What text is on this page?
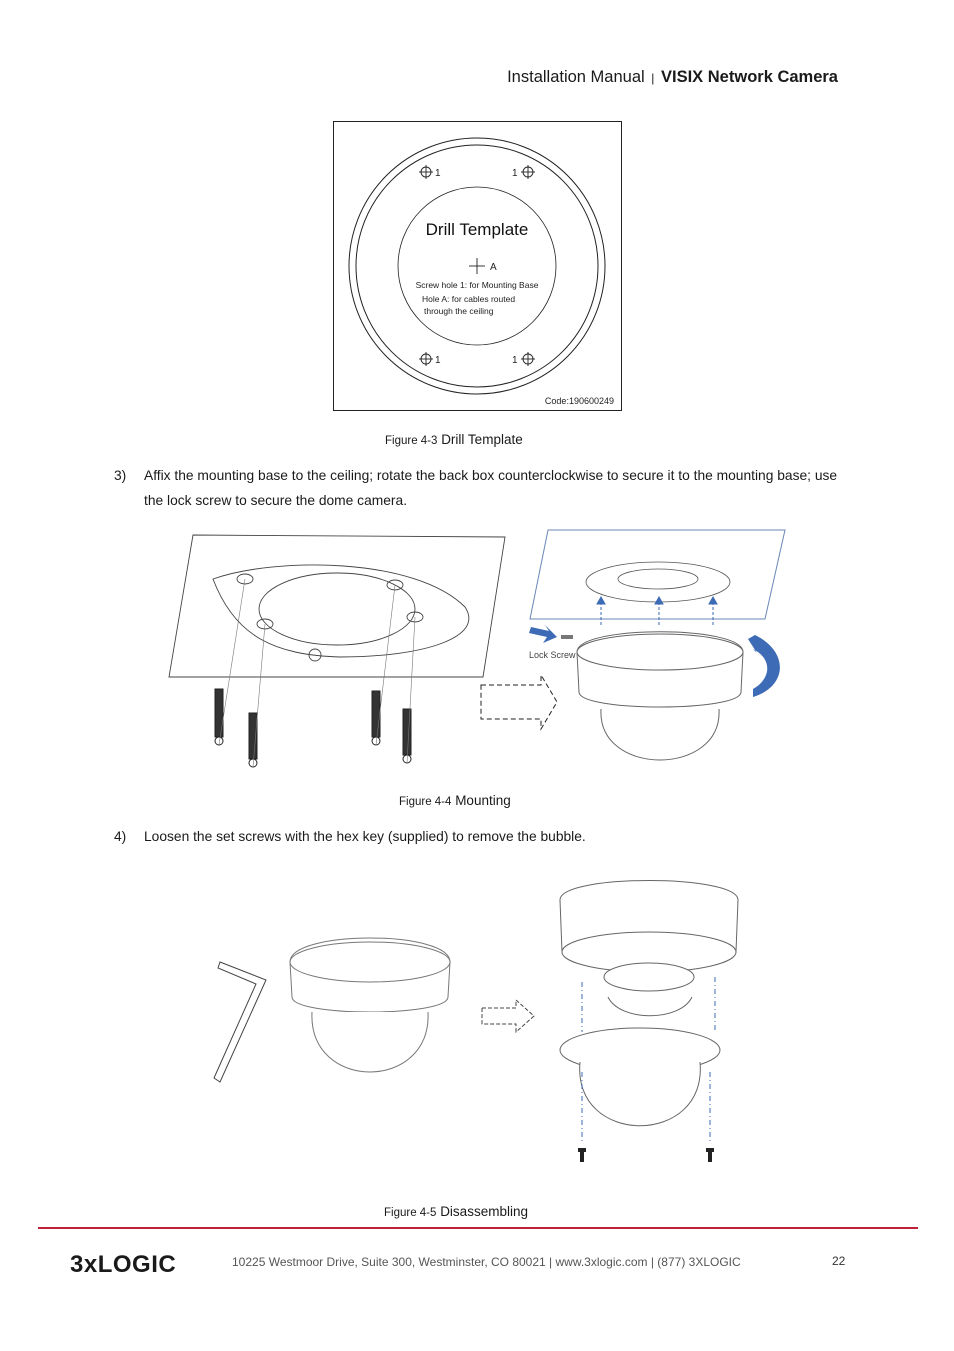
Installation Manual | VISIX Network Camera
1	1
1	1
Drill Template
A
Screw hole 1: for Mounting Base
Hole A: for cables routed
through the ceiling
Code:190600249
Figure 4-3 Drill Template
3) Affix the mounting base to the ceiling; rotate the back box counterclockwise to secure it to the mounting base; use the lock screw to secure the dome camera.
Lock Screw
Figure 4-4 Mounting
4) Loosen the set screws with the hex key (supplied) to remove the bubble.
Figure 4-5 Disassembling
3xLOGIC	10225 Westmoor Drive, Suite 300, Westminster, CO 80021 | www.3xlogic.com | (877) 3XLOGIC	22
